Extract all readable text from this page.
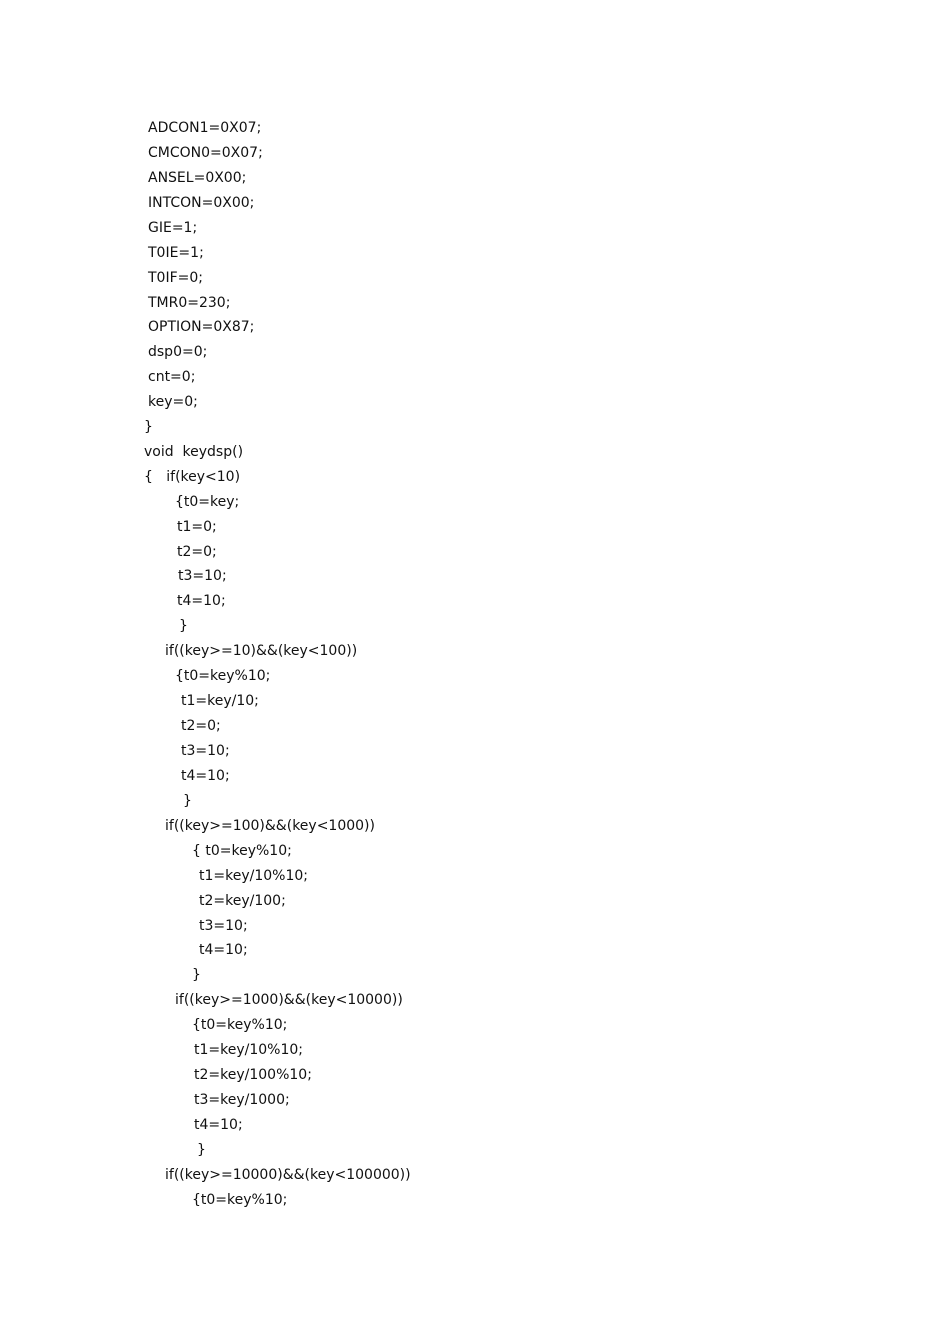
ADCON1=0X07;
CMCON0=0X07;
ANSEL=0X00;
INTCON=0X00;
GIE=1;
T0IE=1;
T0IF=0;
TMR0=230;
OPTION=0X87;
dsp0=0;
cnt=0;
key=0;
}
void  keydsp()
{   if(key<10)
{t0=key;
t1=0;
t2=0;
t3=10;
t4=10;
}
if((key>=10)&&(key<100))
{t0=key%10;
t1=key/10;
t2=0;
t3=10;
t4=10;
}
if((key>=100)&&(key<1000))
{ t0=key%10;
t1=key/10%10;
t2=key/100;
t3=10;
t4=10;
}
if((key>=1000)&&(key<10000))
{t0=key%10;
t1=key/10%10;
t2=key/100%10;
t3=key/1000;
t4=10;
}
if((key>=10000)&&(key<100000))
{t0=key%10;
